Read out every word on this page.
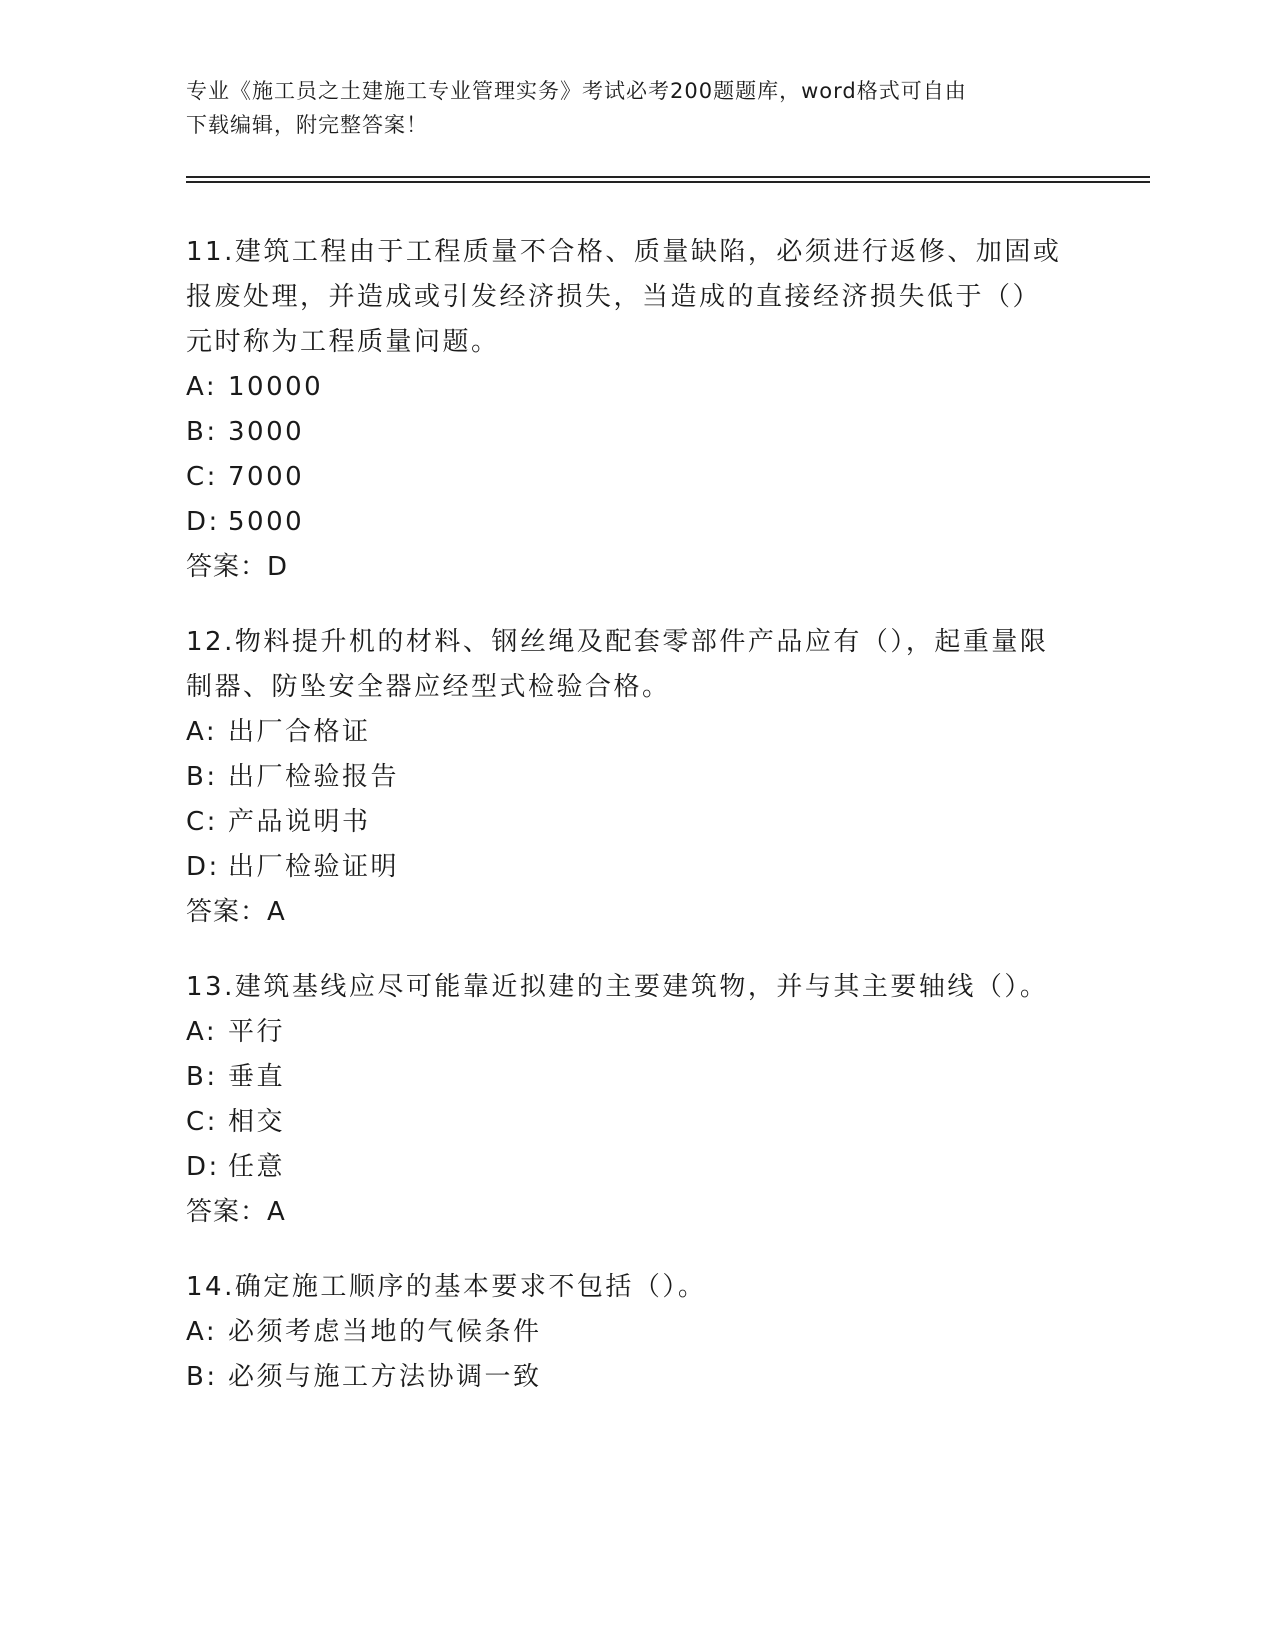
专业《施工员之土建施工专业管理实务》考试必考200题题库，word格式可自由
下载编辑，附完整答案！
11.建筑工程由于工程质量不合格、质量缺陷，必须进行返修、加固或
报废处理，并造成或引发经济损失，当造成的直接经济损失低于（）
元时称为工程质量问题。
A: 10000
B: 3000
C: 7000
D: 5000
答案：D
12.物料提升机的材料、钢丝绳及配套零部件产品应有（），起重量限
制器、防坠安全器应经型式检验合格。
A: 出厂合格证
B: 出厂检验报告
C: 产品说明书
D: 出厂检验证明
答案：A
13.建筑基线应尽可能靠近拟建的主要建筑物，并与其主要轴线（）。
A: 平行
B: 垂直
C: 相交
D: 任意
答案：A
14.确定施工顺序的基本要求不包括（）。
A: 必须考虑当地的气候条件
B: 必须与施工方法协调一致
